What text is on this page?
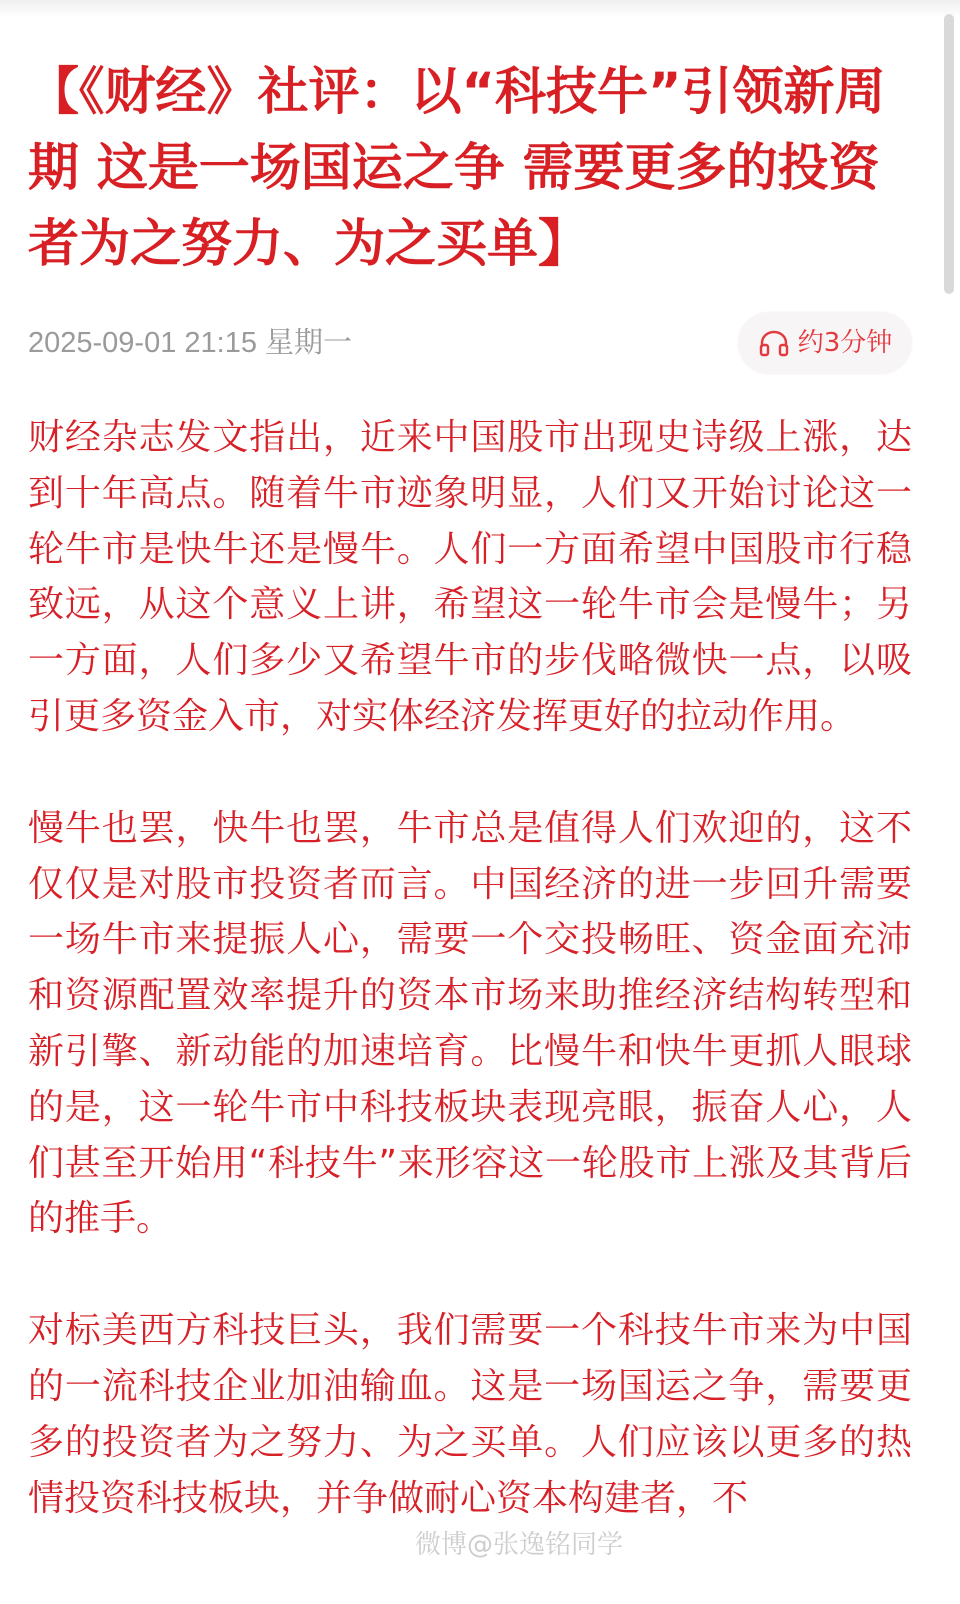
【《财经》社评：以“科技牛”引领新周期 这是一场国运之争 需要更多的投资者为之努力、为之买单】
2025-09-01 21:15 星期一	约3分钟

财经杂志发文指出，近来中国股市出现史诗级上涨，达到十年高点。随着牛市迹象明显，人们又开始讨论这一轮牛市是快牛还是慢牛。人们一方面希望中国股市行稳致远，从这个意义上讲，希望这一轮牛市会是慢牛；另一方面，人们多少又希望牛市的步伐略微快一点，以吸引更多资金入市，对实体经济发挥更好的拉动作用。

慢牛也罢，快牛也罢，牛市总是值得人们欢迎的，这不仅仅是对股市投资者而言。中国经济的进一步回升需要一场牛市来提振人心，需要一个交投畅旺、资金面充沛和资源配置效率提升的资本市场来助推经济结构转型和新引擎、新动能的加速培育。比慢牛和快牛更抓人眼球的是，这一轮牛市中科技板块表现亮眼，振奋人心，人们甚至开始用“科技牛”来形容这一轮股市上涨及其背后的推手。

对标美西方科技巨头，我们需要一个科技牛市来为中国的一流科技企业加油输血。这是一场国运之争，需要更多的投资者为之努力、为之买单。人们应该以更多的热情投资科技板块，并争做耐心资本构建者，不

微博@张逸铭同学
